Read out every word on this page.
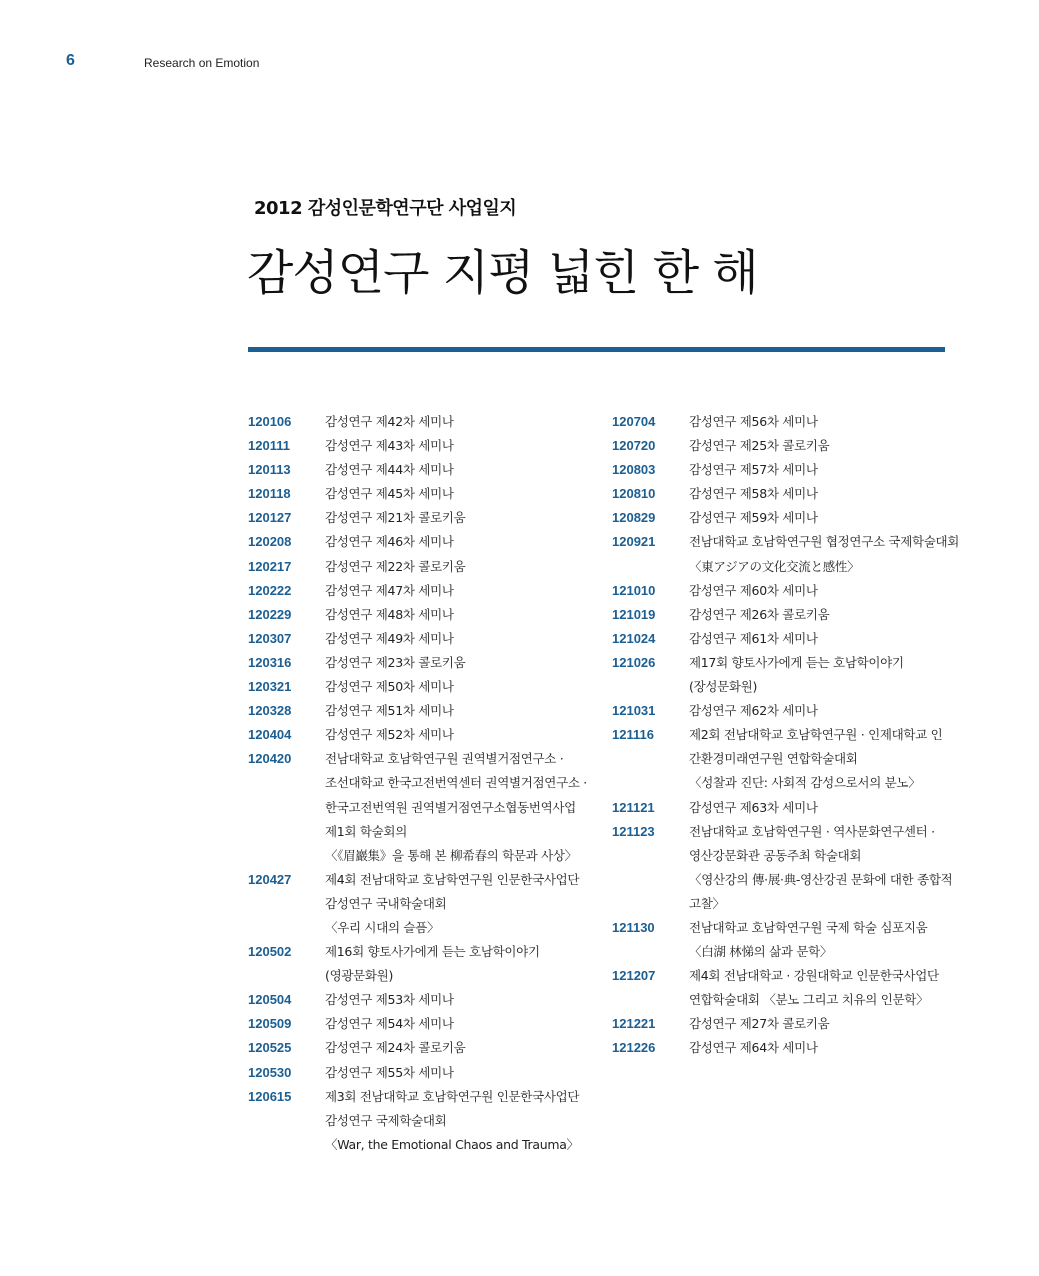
6	Research on Emotion
2012 감성인문학연구단 사업일지
감성연구 지평 넓힌 한 해
120106	감성연구 제42차 세미나
120111	감성연구 제43차 세미나
120113	감성연구 제44차 세미나
120118	감성연구 제45차 세미나
120127	감성연구 제21차 콜로키움
120208	감성연구 제46차 세미나
120217	감성연구 제22차 콜로키움
120222	감성연구 제47차 세미나
120229	감성연구 제48차 세미나
120307	감성연구 제49차 세미나
120316	감성연구 제23차 콜로키움
120321	감성연구 제50차 세미나
120328	감성연구 제51차 세미나
120404	감성연구 제52차 세미나
120420	전남대학교 호남학연구원 권역별거점연구소 ·
조선대학교 한국고전번역센터 권역별거점연구소 ·
한국고전번역원 권역별거점연구소협동번역사업
제1회 학술회의
〈《眉巖集》을 통해 본 柳希春의 학문과 사상〉
120427	제4회 전남대학교 호남학연구원 인문한국사업단
감성연구 국내학술대회
〈우리 시대의 슬픔〉
120502	제16회 향토사가에게 듣는 호남학이야기
(영광문화원)
120504	감성연구 제53차 세미나
120509	감성연구 제54차 세미나
120525	감성연구 제24차 콜로키움
120530	감성연구 제55차 세미나
120615	제3회 전남대학교 호남학연구원 인문한국사업단
감성연구 국제학술대회
〈War, the Emotional Chaos and Trauma〉
120704	감성연구 제56차 세미나
120720	감성연구 제25차 콜로키움
120803	감성연구 제57차 세미나
120810	감성연구 제58차 세미나
120829	감성연구 제59차 세미나
120921	전남대학교 호남학연구원 협정연구소 국제학술대회
〈東アジアの文化交流と感性〉
121010	감성연구 제60차 세미나
121019	감성연구 제26차 콜로키움
121024	감성연구 제61차 세미나
121026	제17회 향토사가에게 듣는 호남학이야기
(장성문화원)
121031	감성연구 제62차 세미나
121116	제2회 전남대학교 호남학연구원 · 인제대학교 인
간환경미래연구원 연합학술대회
〈성찰과 진단: 사회적 감성으로서의 분노〉
121121	감성연구 제63차 세미나
121123	전남대학교 호남학연구원 · 역사문화연구센터 ·
영산강문화관 공동주최 학술대회
〈영산강의 傳·展·典-영산강권 문화에 대한 종합적
고찰〉
121130	전남대학교 호남학연구원 국제 학술 심포지움
〈白湖 林悌의 삶과 문학〉
121207	제4회 전남대학교 · 강원대학교 인문한국사업단
연합학술대회 〈분노 그리고 치유의 인문학〉
121221	감성연구 제27차 콜로키움
121226	감성연구 제64차 세미나
